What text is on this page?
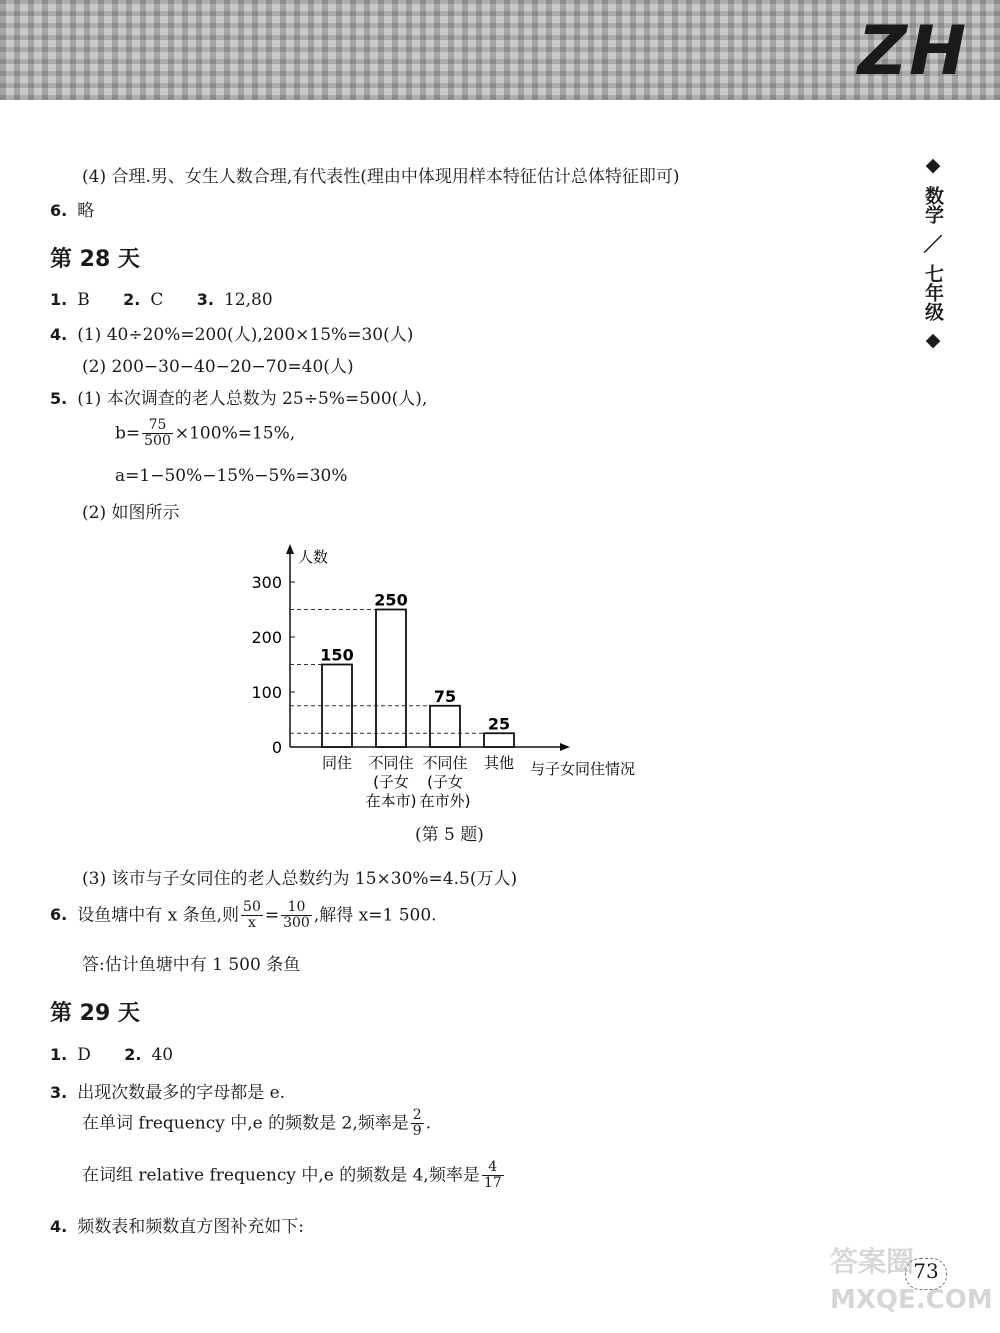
ZH
◆
数学
／
七年级
◆
(4) 合理.男、女生人数合理,有代表性(理由中体现用样本特征估计总体特征即可)
6. 略
第 28 天
1. B 2. C 3. 12,80
4. (1) 40÷20%=200(人),200×15%=30(人)
(2) 200−30−40−20−70=40(人)
5. (1) 本次调查的老人总数为 25÷5%=500(人),
$b= \frac{75}{500} \times 100\%=15\%$,
a=1−50%−15%−5%=30%
(2) 如图所示
人数
与子女同住情况
0
100
200
300
150
同住
250
不同住
(子女
在本市)
75
不同住
(子女
在市外)
25
其他
(第 5 题)
(3) 该市与子女同住的老人总数约为 15×30%=4.5(万人)
6. 设鱼塘中有 x 条鱼,则 $\frac{50}{x} = \frac{10}{300}$ ,解得 x=1 500.
答:估计鱼塘中有 1 500 条鱼
第 29 天
1. D 2. 40
3. 出现次数最多的字母都是 e.
在单词 frequency 中,e 的频数是 2,频率是 $\frac{2}{9}$ .
在词组 relative frequency 中,e 的频数是 4,频率是 $\frac{4}{17}$
4. 频数表和频数直方图补充如下:
答案圈 73
MXQE.COM
